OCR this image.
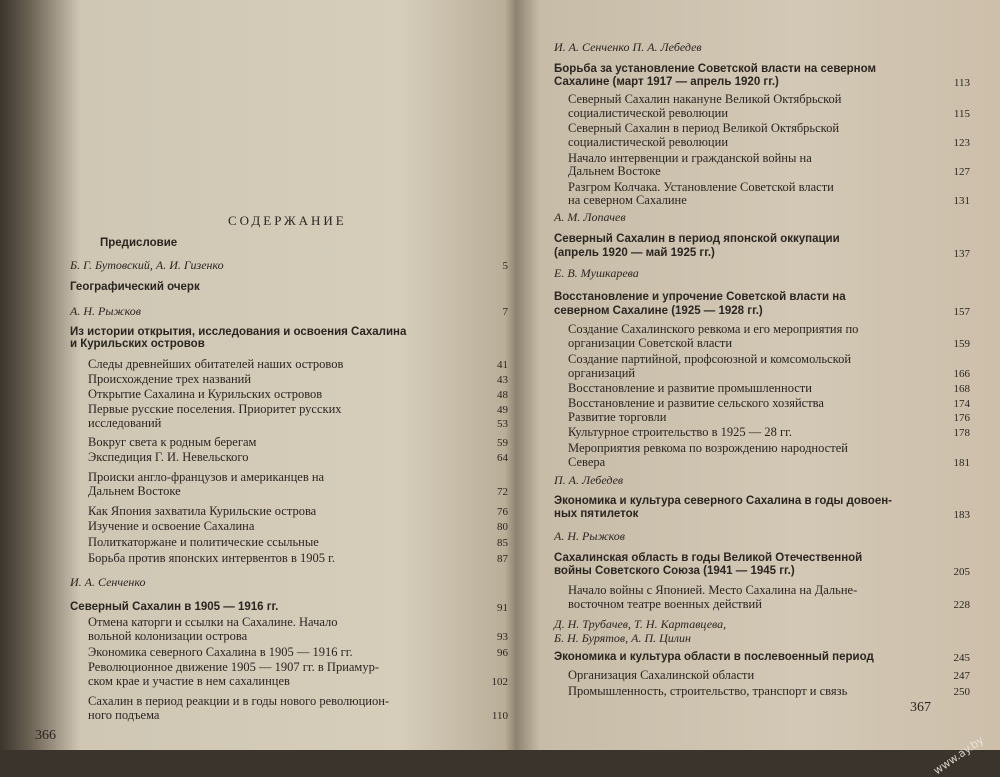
СОДЕРЖАНИЕ
Предисловие
Б. Г. Бутовский, А. И. Гизенко	5
Географический очерк
А. Н. Рыжков	7
Из истории открытия, исследования и освоения Сахалина
и Курильских островов
Следы древнейших обитателей наших островов	41
Происхождение трех названий	43
Открытие Сахалина и Курильских островов	48
Первые русские поселения. Приоритет русских	49
исследований	53
Вокруг света к родным берегам	59
Экспедиция Г. И. Невельского	64
Происки англо-французов и американцев на
Дальнем Востоке	72
Как Япония захватила Курильские острова	76
Изучение и освоение Сахалина	80
Политкаторжане и политические ссыльные	85
Борьба против японских интервентов в 1905 г.	87
И. А. Сенченко
Северный Сахалин в 1905 — 1916 гг.	91
Отмена каторги и ссылки на Сахалине. Начало
вольной колонизации острова	93
Экономика северного Сахалина в 1905 — 1916 гг.	96
Революционное движение 1905 — 1907 гг. в Приамур-
ском крае и участие в нем сахалинцев	102
Сахалин в период реакции и в годы нового революцион-
ного подъема	110
366
И. А. Сенченко П. А. Лебедев
Борьба за установление Советской власти на северном
Сахалине (март 1917 — апрель 1920 гг.)	113
Северный Сахалин накануне Великой Октябрьской
социалистической революции	115
Северный Сахалин в период Великой Октябрьской
социалистической революции	123
Начало интервенции и гражданской войны на
Дальнем Востоке	127
Разгром Колчака. Установление Советской власти
на северном Сахалине	131
А. М. Лопачев
Северный Сахалин в период японской оккупации
(апрель 1920 — май 1925 гг.)	137
Е. В. Мушкарева
Восстановление и упрочение Советской власти на
северном Сахалине (1925 — 1928 гг.)	157
Создание Сахалинского ревкома и его мероприятия по
организации Советской власти	159
Создание партийной, профсоюзной и комсомольской
организаций	166
Восстановление и развитие промышленности	168
Восстановление и развитие сельского хозяйства	174
Развитие торговли	176
Культурное строительство в 1925 — 28 гг.	178
Мероприятия ревкома по возрождению народностей
Севера	181
П. А. Лебедев
Экономика и культура северного Сахалина в годы довоен-
ных пятилеток	183
А. Н. Рыжков
Сахалинская область в годы Великой Отечественной
войны Советского Союза (1941 — 1945 гг.)	205
Начало войны с Японией. Место Сахалина на Дальне-
восточном театре военных действий	228
Д. Н. Трубачев, Т. Н. Картавцева,
Б. Н. Бурятов, А. П. Цилин
Экономика и культура области в послевоенный период	245
Организация Сахалинской области	247
Промышленность, строительство, транспорт и связь	250
367
www.ay.by
